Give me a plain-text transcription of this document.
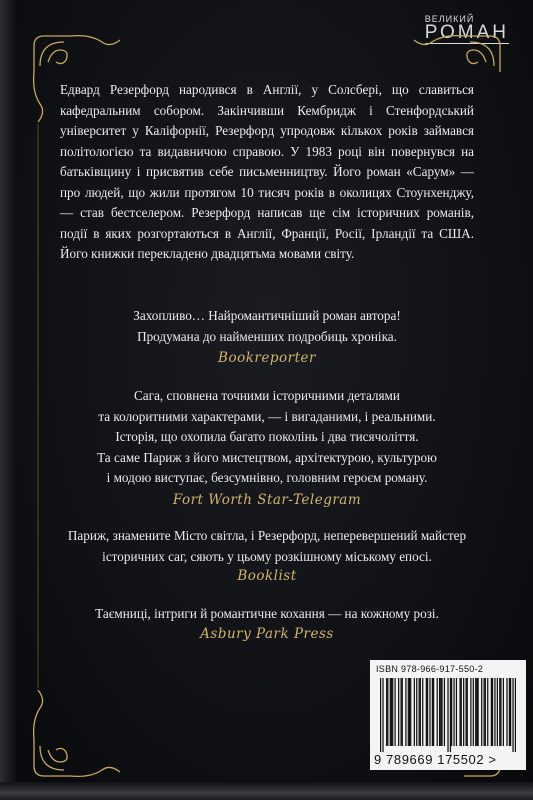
ВЕЛИКИЙ
РОМАН
Едвард Резерфорд народився в Англії, у Солсбері, що славиться кафедральним собором. Закінчивши Кембридж і Стенфордський університет у Каліфорнії, Резерфорд упродовж кількох років займався політологією та видавничою справою. У 1983 році він повернувся на батьківщину і присвятив себе письменництву. Його роман «Сарум» — про людей, що жили протягом 10 тисяч років в околицях Стоунхенджу, — став бестселером. Резерфорд написав ще сім історичних романів, події в яких розгортаються в Англії, Франції, Росії, Ірландії та США. Його книжки перекладено двадцятьма мовами світу.
Захопливо… Найромантичніший роман автора!
Продумана до найменших подробиць хроніка.
Bookreporter
Сага, сповнена точними історичними деталями
та колоритними характерами, — і вигаданими, і реальними.
Історія, що охопила багато поколінь і два тисячоліття.
Та саме Париж з його мистецтвом, архітектурою, культурою
і модою виступає, безсумнівно, головним героєм роману.
Fort Worth Star-Telegram
Париж, знамените Місто світла, і Резерфорд, неперевершений майстер
історичних саг, сяють у цьому розкішному міському епосі.
Booklist
Таємниці, інтриги й романтичне кохання — на кожному розі.
Asbury Park Press
ISBN 978-966-917-550-2
9 789669 175502 >
